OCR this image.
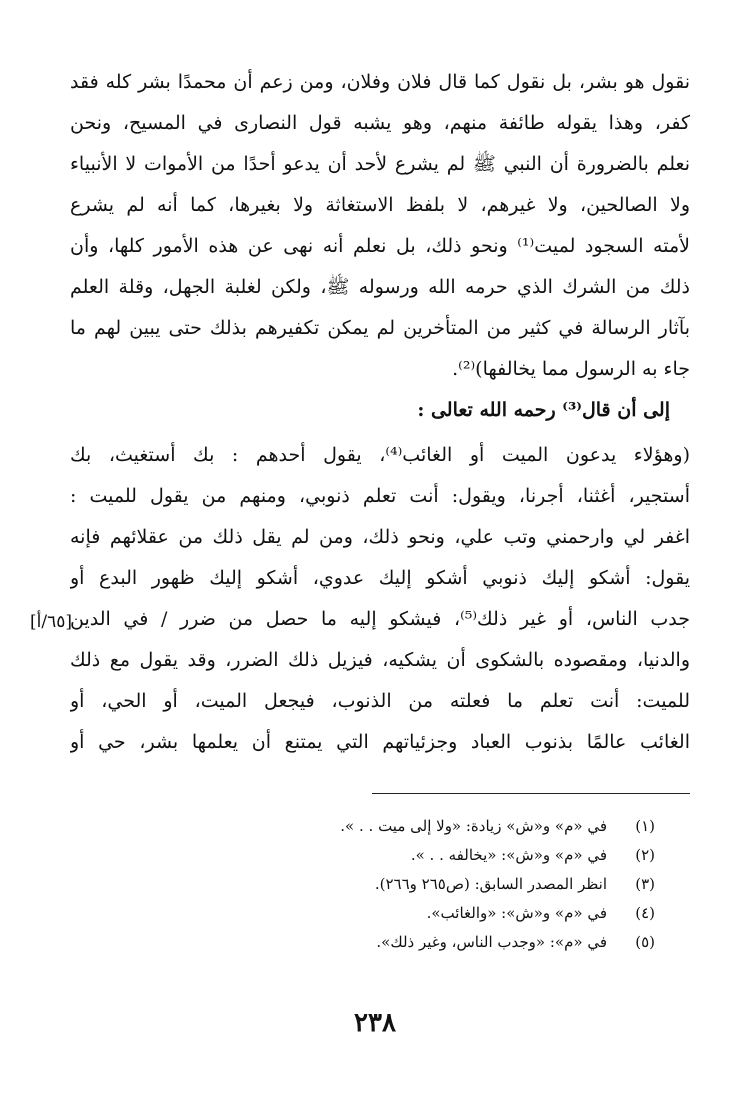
نقول هو بشر، بل نقول كما قال فلان وفلان، ومن زعم أن محمدًا بشر كله فقد
كفر، وهذا يقوله طائفة منهم، وهو يشبه قول النصارى في المسيح، ونحن
نعلم بالضرورة أن النبي ﷺ لم يشرع لأحد أن يدعو أحدًا من الأموات لا الأنبياء
ولا الصالحين، ولا غيرهم، لا بلفظ الاستغاثة ولا بغيرها، كما أنه لم يشرع
لأمته السجود لميت⁽¹⁾ ونحو ذلك، بل نعلم أنه نهى عن هذه الأمور كلها، وأن
ذلك من الشرك الذي حرمه الله ورسوله ﷺ، ولكن لغلبة الجهل، وقلة العلم
بآثار الرسالة في كثير من المتأخرين لم يمكن تكفيرهم بذلك حتى يبين لهم ما
جاء به الرسول مما يخالفها)⁽²⁾.
إلى أن قال⁽³⁾ رحمه الله تعالى :
(وهؤلاء يدعون الميت أو الغائب⁽⁴⁾، يقول أحدهم : بك أستغيث، بك
أستجير، أغثنا، أجرنا، ويقول: أنت تعلم ذنوبي، ومنهم من يقول للميت :
اغفر لي وارحمني وتب علي، ونحو ذلك، ومن لم يقل ذلك من عقلائهم فإنه
يقول: أشكو إليك ذنوبي أشكو إليك عدوي، أشكو إليك ظهور البدع أو
جدب الناس، أو غير ذلك⁽⁵⁾، فيشكو إليه ما حصل من ضرر / في الدين
والدنيا، ومقصوده بالشكوى أن يشكيه، فيزيل ذلك الضرر، وقد يقول مع ذلك
للميت: أنت تعلم ما فعلته من الذنوب، فيجعل الميت، أو الحي، أو
الغائب عالمًا بذنوب العباد وجزئياتهم التي يمتنع أن يعلمها بشر، حي أو
[٦٥/أ]
(١)
في «م» و«ش» زيادة: «ولا إلى ميت . . ».
(٢)
في «م» و«ش»: «يخالفه . . ».
(٣)
انظر المصدر السابق: (ص٢٦٥ و٢٦٦).
(٤)
في «م» و«ش»: «والغائب».
(٥)
في «م»: «وجدب الناس، وغير ذلك».
٢٣٨
